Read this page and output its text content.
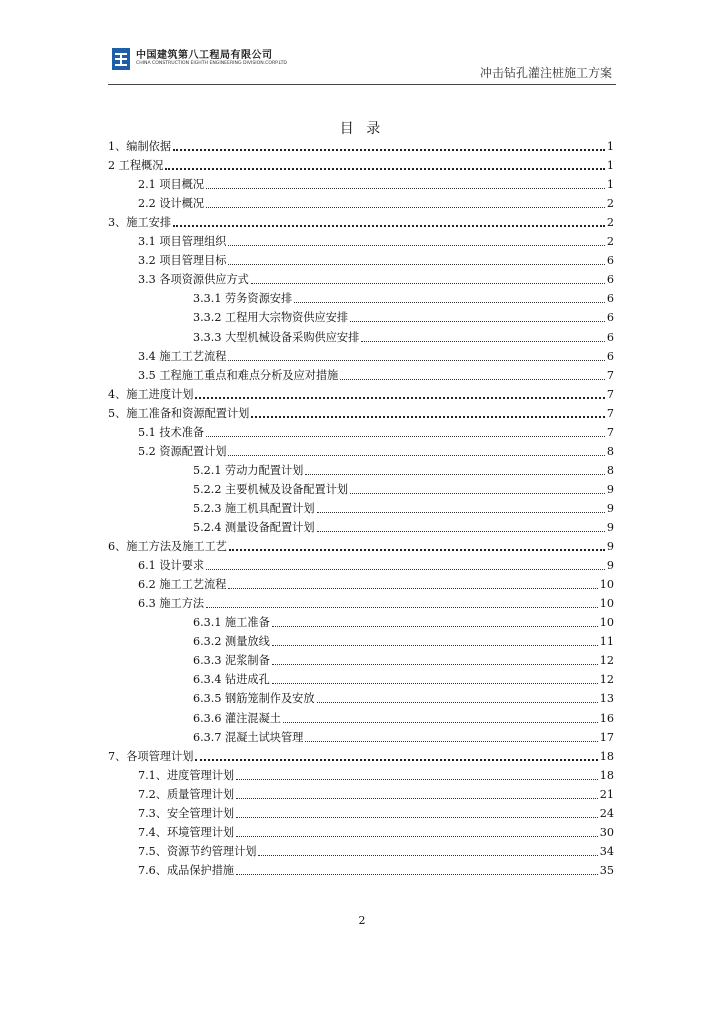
中国建筑第八工程局有限公司
CHINA CONSTRUCTION EIGHTH ENGINEERING DIVISION.CORP.LTD
冲击钻孔灌注桩施工方案
目 录
1、编制依据	1
2 工程概况	1
2.1 项目概况	1
2.2 设计概况	2
3、施工安排	2
3.1 项目管理组织	2
3.2 项目管理目标	6
3.3 各项资源供应方式	6
3.3.1 劳务资源安排	6
3.3.2 工程用大宗物资供应安排	6
3.3.3 大型机械设备采购供应安排	6
3.4 施工工艺流程	6
3.5 工程施工重点和难点分析及应对措施	7
4、施工进度计划	7
5、施工准备和资源配置计划	7
5.1 技术准备	7
5.2 资源配置计划	8
5.2.1 劳动力配置计划	8
5.2.2 主要机械及设备配置计划	9
5.2.3 施工机具配置计划	9
5.2.4 测量设备配置计划	9
6、施工方法及施工工艺	9
6.1 设计要求	9
6.2 施工工艺流程	10
6.3 施工方法	10
6.3.1 施工准备	10
6.3.2 测量放线	11
6.3.3 泥浆制备	12
6.3.4 钻进成孔	12
6.3.5 钢筋笼制作及安放	13
6.3.6 灌注混凝土	16
6.3.7 混凝土试块管理	17
7、各项管理计划	18
7.1、进度管理计划	18
7.2、质量管理计划	21
7.3、安全管理计划	24
7.4、环境管理计划	30
7.5、资源节约管理计划	34
7.6、成品保护措施	35
2
